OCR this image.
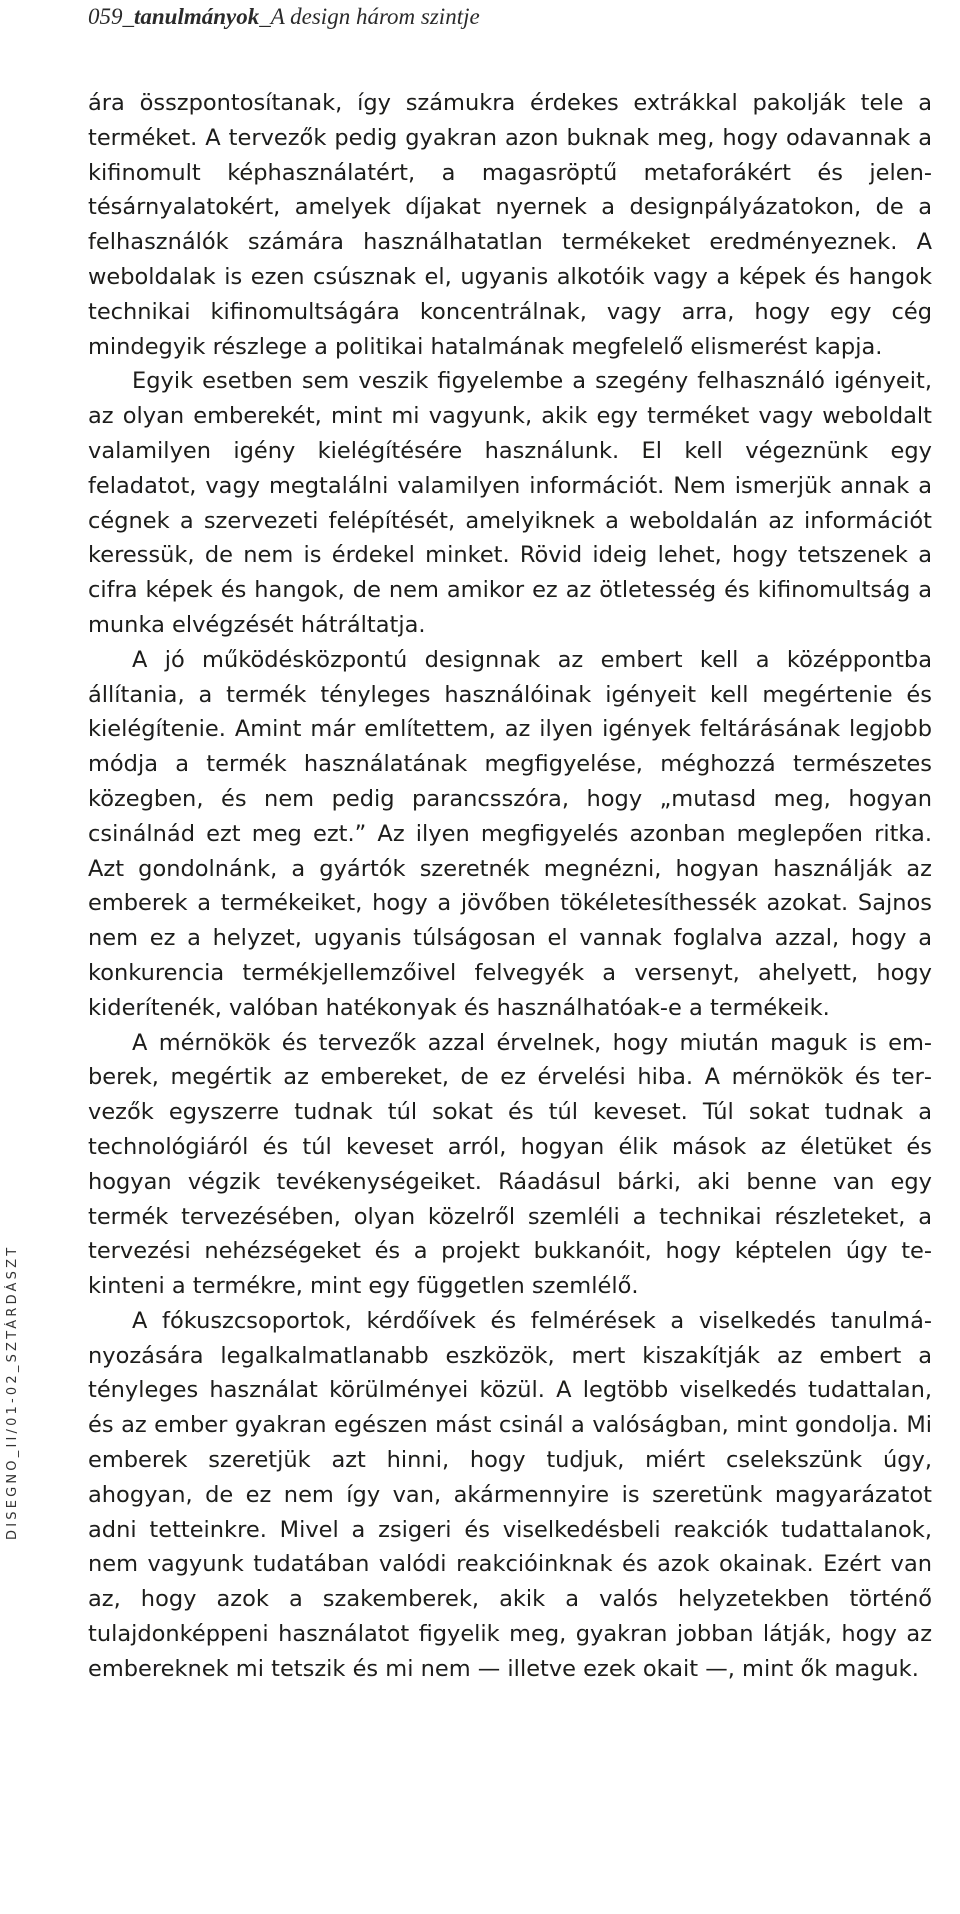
059_tanulmányok_A design három szintje
DISEGNO_II/01-02_SZTÁRDÁSZT

ára összpontosítanak, így számukra érdekes extrákkal pakolják tele a terméket. A tervezők pedig gyakran azon buknak meg, hogy odavannak a kifinomult képhasználatért, a magasröptű metaforákért és jelentésárnyalatokért, amelyek díjakat nyernek a designpályázatokon, de a felhasználók számára használhatatlan termékeket eredményeznek. A weboldalak is ezen csúsznak el, ugyanis alkotóik vagy a képek és hangok technikai kifinomultságára koncentrálnak, vagy arra, hogy egy cég mindegyik részlege a politikai hatalmának megfelelő elismerést kapja.

Egyik esetben sem veszik figyelembe a szegény felhasználó igényeit, az olyan emberekét, mint mi vagyunk, akik egy terméket vagy weboldalt valamilyen igény kielégítésére használunk. El kell végeznünk egy feladatot, vagy megtalálni valamilyen információt. Nem ismerjük annak a cégnek a szervezeti felépítését, amelyiknek a weboldalán az információt keressük, de nem is érdekel minket. Rövid ideig lehet, hogy tetszenek a cifra képek és hangok, de nem amikor ez az ötletesség és kifinomultság a munka elvégzését hátráltatja.

A jó működésközpontú designnak az embert kell a középpontba állítania, a termék tényleges használóinak igényeit kell megértenie és kielégítenie. Amint már említettem, az ilyen igények feltárásának legjobb módja a termék használatának megfigyelése, méghozzá természetes közegben, és nem pedig parancsszóra, hogy „mutasd meg, hogyan csinálnád ezt meg ezt.” Az ilyen megfigyelés azonban meglepően ritka. Azt gondolnánk, a gyártók szeretnék megnézni, hogyan használják az emberek a termékeiket, hogy a jövőben tökéletesíthessék azokat. Sajnos nem ez a helyzet, ugyanis túlságosan el vannak foglalva azzal, hogy a konkurencia termékjellemzőivel felvegyék a versenyt, ahelyett, hogy kiderítenék, valóban hatékonyak és használhatóak-e a termékeik.

A mérnökök és tervezők azzal érvelnek, hogy miután maguk is emberek, megértik az embereket, de ez érvelési hiba. A mérnökök és tervezők egyszerre tudnak túl sokat és túl keveset. Túl sokat tudnak a technológiáról és túl keveset arról, hogyan élik mások az életüket és hogyan végzik tevékenységeiket. Ráadásul bárki, aki benne van egy termék tervezésében, olyan közelről szemléli a technikai részleteket, a tervezési nehézségeket és a projekt bukkanóit, hogy képtelen úgy tekinteni a termékre, mint egy független szemlélő.

A fókuszcsoportok, kérdőívek és felmérések a viselkedés tanulmányozására legalkalmatlanabb eszközök, mert kiszakítják az embert a tényleges használat körülményei közül. A legtöbb viselkedés tudattalan, és az ember gyakran egészen mást csinál a valóságban, mint gondolja. Mi emberek szeretjük azt hinni, hogy tudjuk, miért cselekszünk úgy, ahogyan, de ez nem így van, akármennyire is szeretünk magyarázatot adni tetteinkre. Mivel a zsigeri és viselkedésbeli reakciók tudattalanok, nem vagyunk tudatában valódi reakcióinknak és azok okainak. Ezért van az, hogy azok a szakemberek, akik a valós helyzetekben történő tulajdonképpeni használatot figyelik meg, gyakran jobban látják, hogy az embereknek mi tetszik és mi nem — illetve ezek okait —, mint ők maguk.
